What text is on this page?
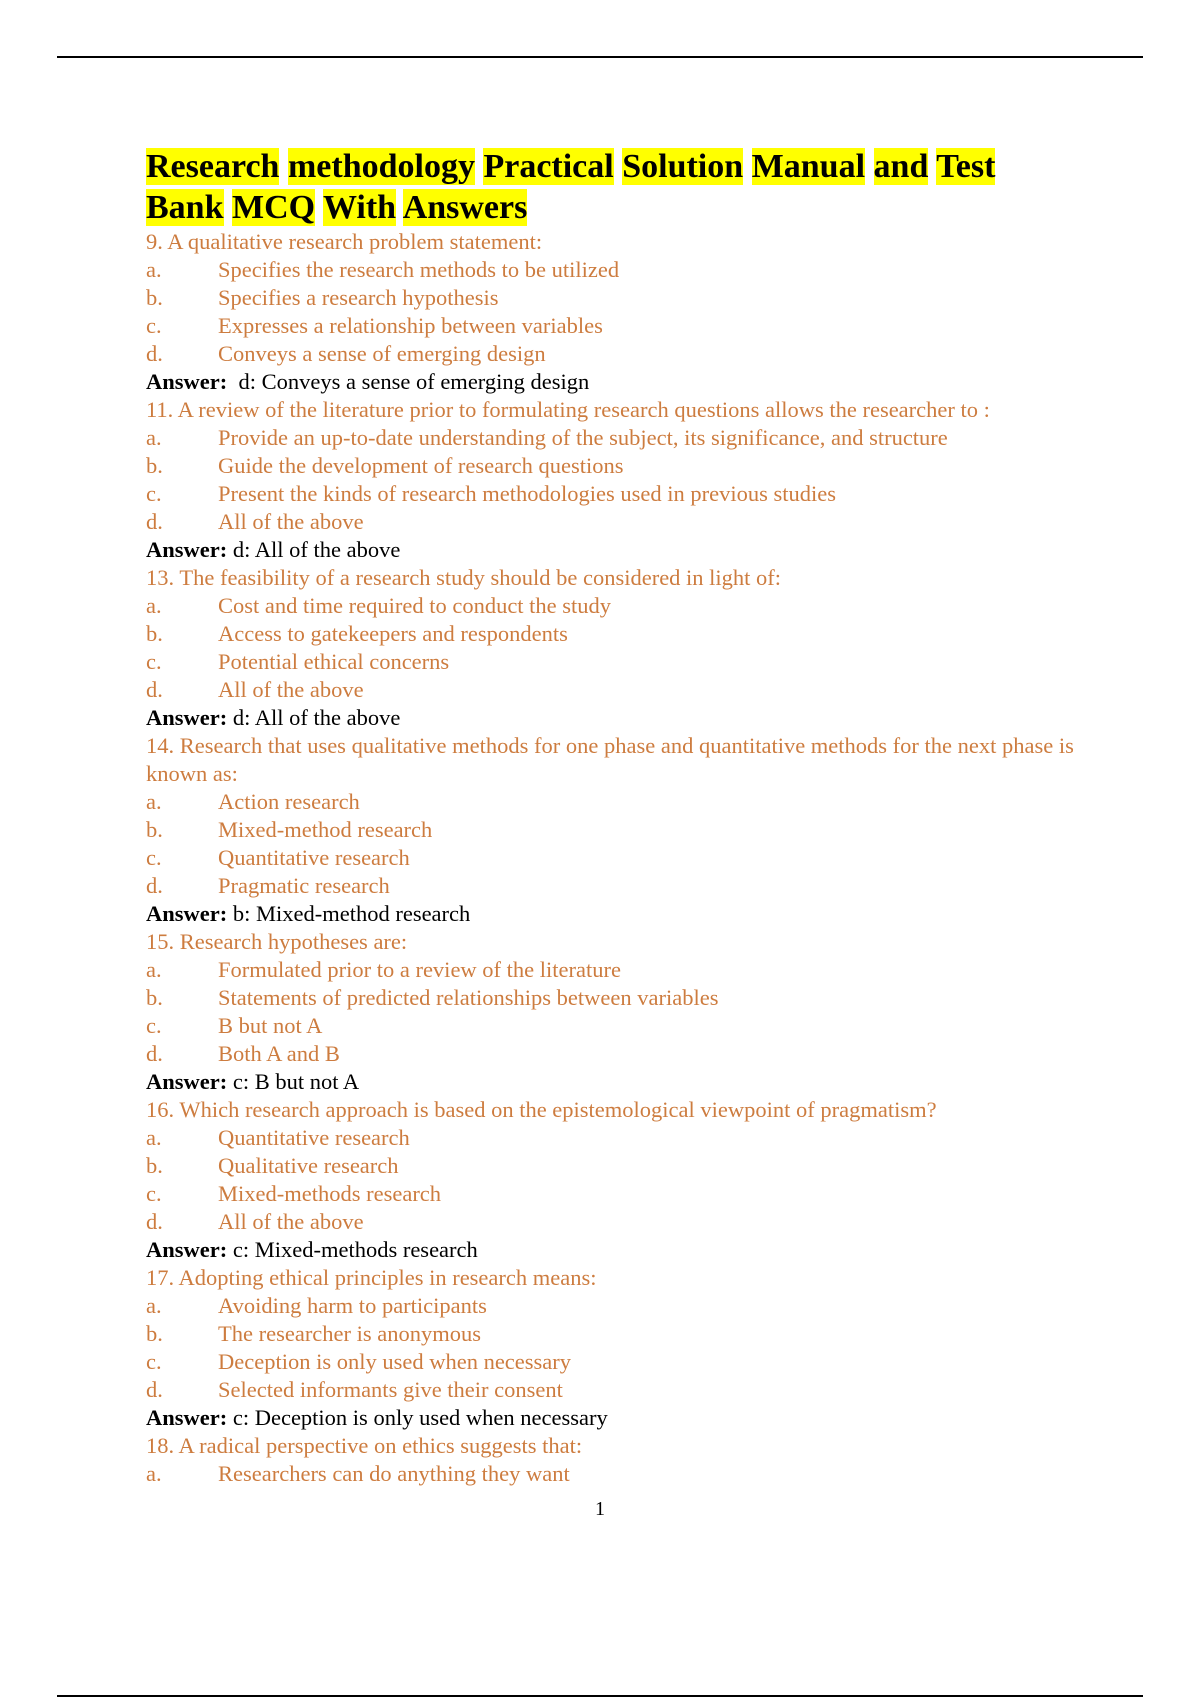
Research methodology Practical Solution Manual and Test
Bank MCQ With Answers
9. A qualitative research problem statement:
a.	Specifies the research methods to be utilized
b.	Specifies a research hypothesis
c.	Expresses a relationship between variables
d.	Conveys a sense of emerging design
Answer:  d: Conveys a sense of emerging design
11. A review of the literature prior to formulating research questions allows the researcher to :
a.	Provide an up-to-date understanding of the subject, its significance, and structure
b.	Guide the development of research questions
c.	Present the kinds of research methodologies used in previous studies
d.	All of the above
Answer: d: All of the above
13. The feasibility of a research study should be considered in light of:
a.	Cost and time required to conduct the study
b.	Access to gatekeepers and respondents
c.	Potential ethical concerns
d.	All of the above
Answer: d: All of the above
14. Research that uses qualitative methods for one phase and quantitative methods for the next phase is known as:
a.	Action research
b.	Mixed-method research
c.	Quantitative research
d.	Pragmatic research
Answer: b: Mixed-method research
15. Research hypotheses are:
a.	Formulated prior to a review of the literature
b.	Statements of predicted relationships between variables
c.	B but not A
d.	Both A and B
Answer: c: B but not A
16. Which research approach is based on the epistemological viewpoint of pragmatism?
a.	Quantitative research
b.	Qualitative research
c.	Mixed-methods research
d.	All of the above
Answer: c: Mixed-methods research
17. Adopting ethical principles in research means:
a.	Avoiding harm to participants
b.	The researcher is anonymous
c.	Deception is only used when necessary
d.	Selected informants give their consent
Answer: c: Deception is only used when necessary
18. A radical perspective on ethics suggests that:
a.	Researchers can do anything they want
1
